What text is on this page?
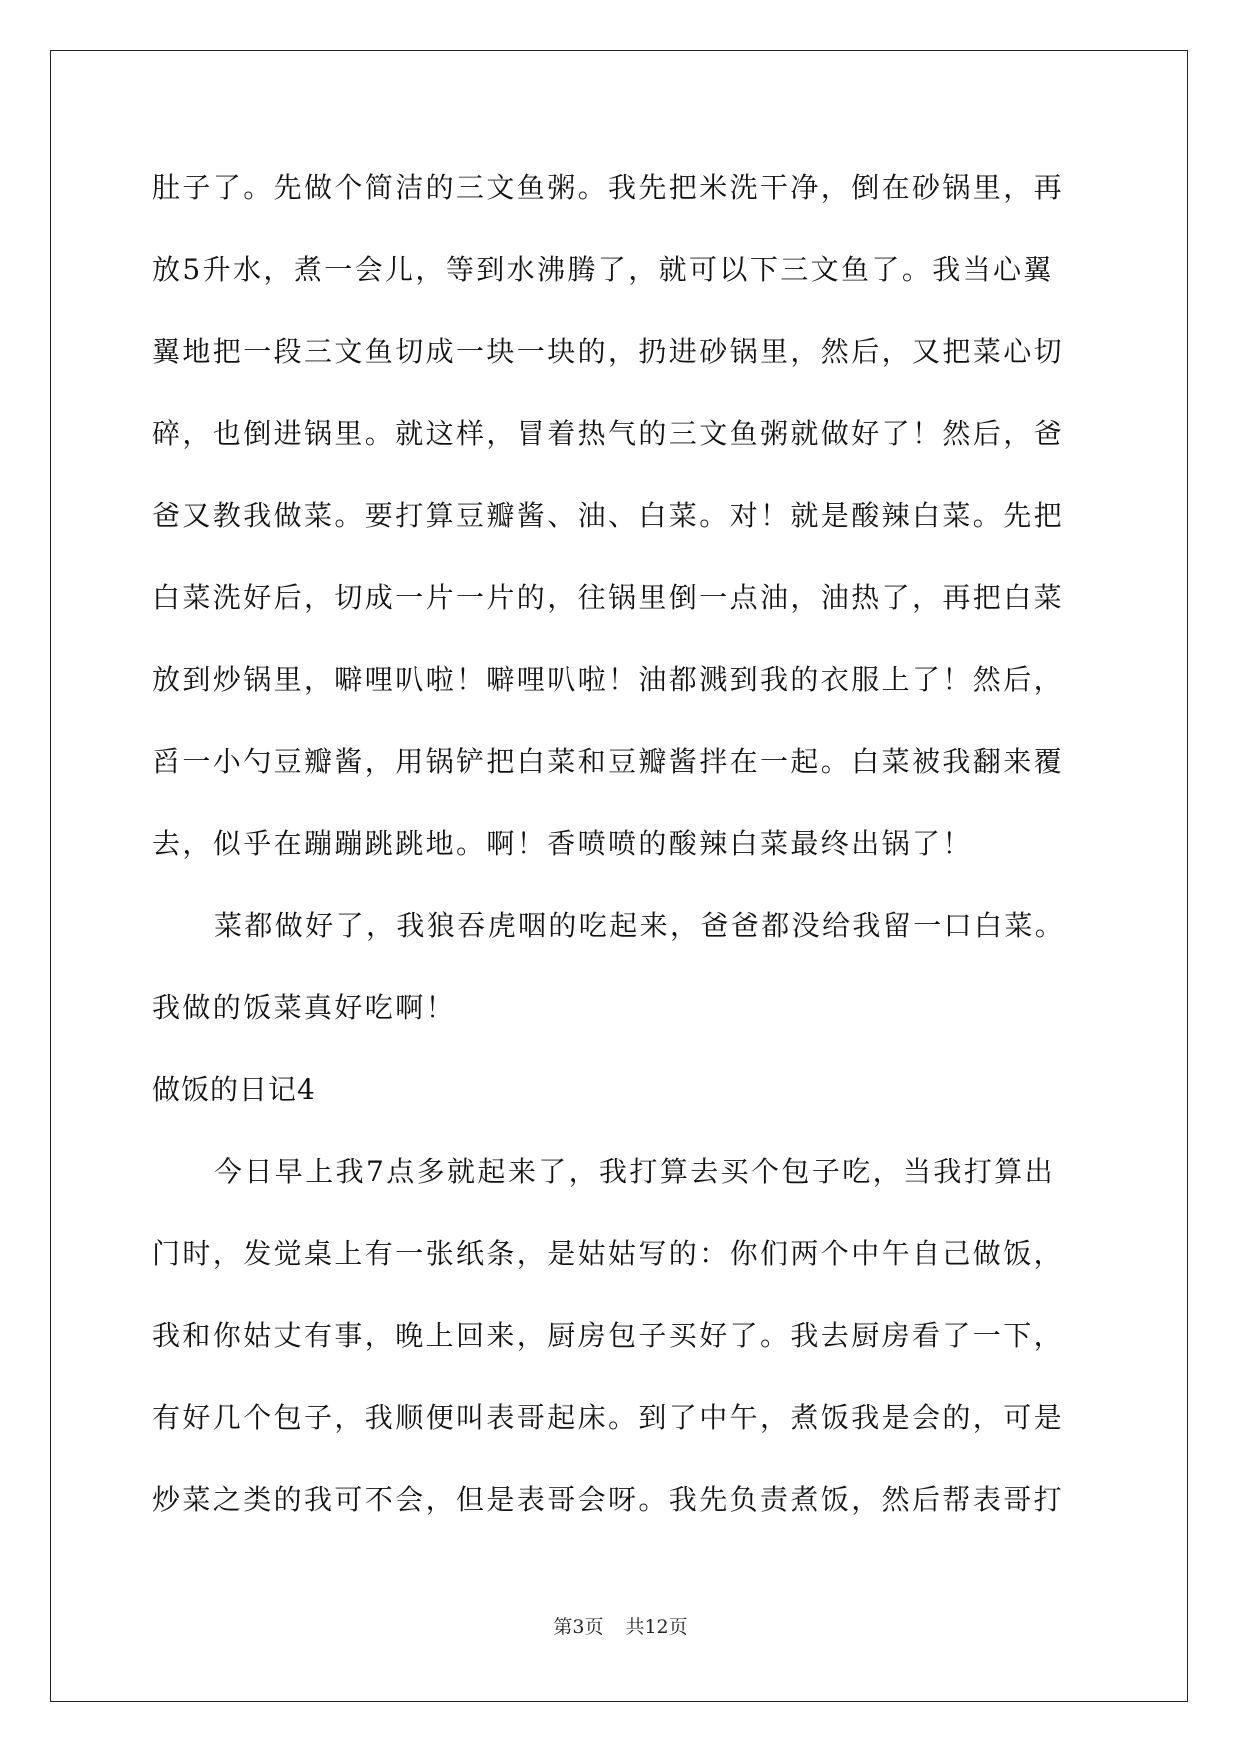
肚子了。先做个简洁的三文鱼粥。我先把米洗干净，倒在砂锅里，再
放5升水，煮一会儿，等到水沸腾了，就可以下三文鱼了。我当心翼
翼地把一段三文鱼切成一块一块的，扔进砂锅里，然后，又把菜心切
碎，也倒进锅里。就这样，冒着热气的三文鱼粥就做好了！然后，爸
爸又教我做菜。要打算豆瓣酱、油、白菜。对！就是酸辣白菜。先把
白菜洗好后，切成一片一片的，往锅里倒一点油，油热了，再把白菜
放到炒锅里，噼哩叭啦！噼哩叭啦！油都溅到我的衣服上了！然后，
舀一小勺豆瓣酱，用锅铲把白菜和豆瓣酱拌在一起。白菜被我翻来覆
去，似乎在蹦蹦跳跳地。啊！香喷喷的酸辣白菜最终出锅了！
菜都做好了，我狼吞虎咽的吃起来，爸爸都没给我留一口白菜。
我做的饭菜真好吃啊！
做饭的日记4
今日早上我7点多就起来了，我打算去买个包子吃，当我打算出
门时，发觉桌上有一张纸条，是姑姑写的：你们两个中午自己做饭，
我和你姑丈有事，晚上回来，厨房包子买好了。我去厨房看了一下，
有好几个包子，我顺便叫表哥起床。到了中午，煮饭我是会的，可是
炒菜之类的我可不会，但是表哥会呀。我先负责煮饭，然后帮表哥打
第3页 共12页
